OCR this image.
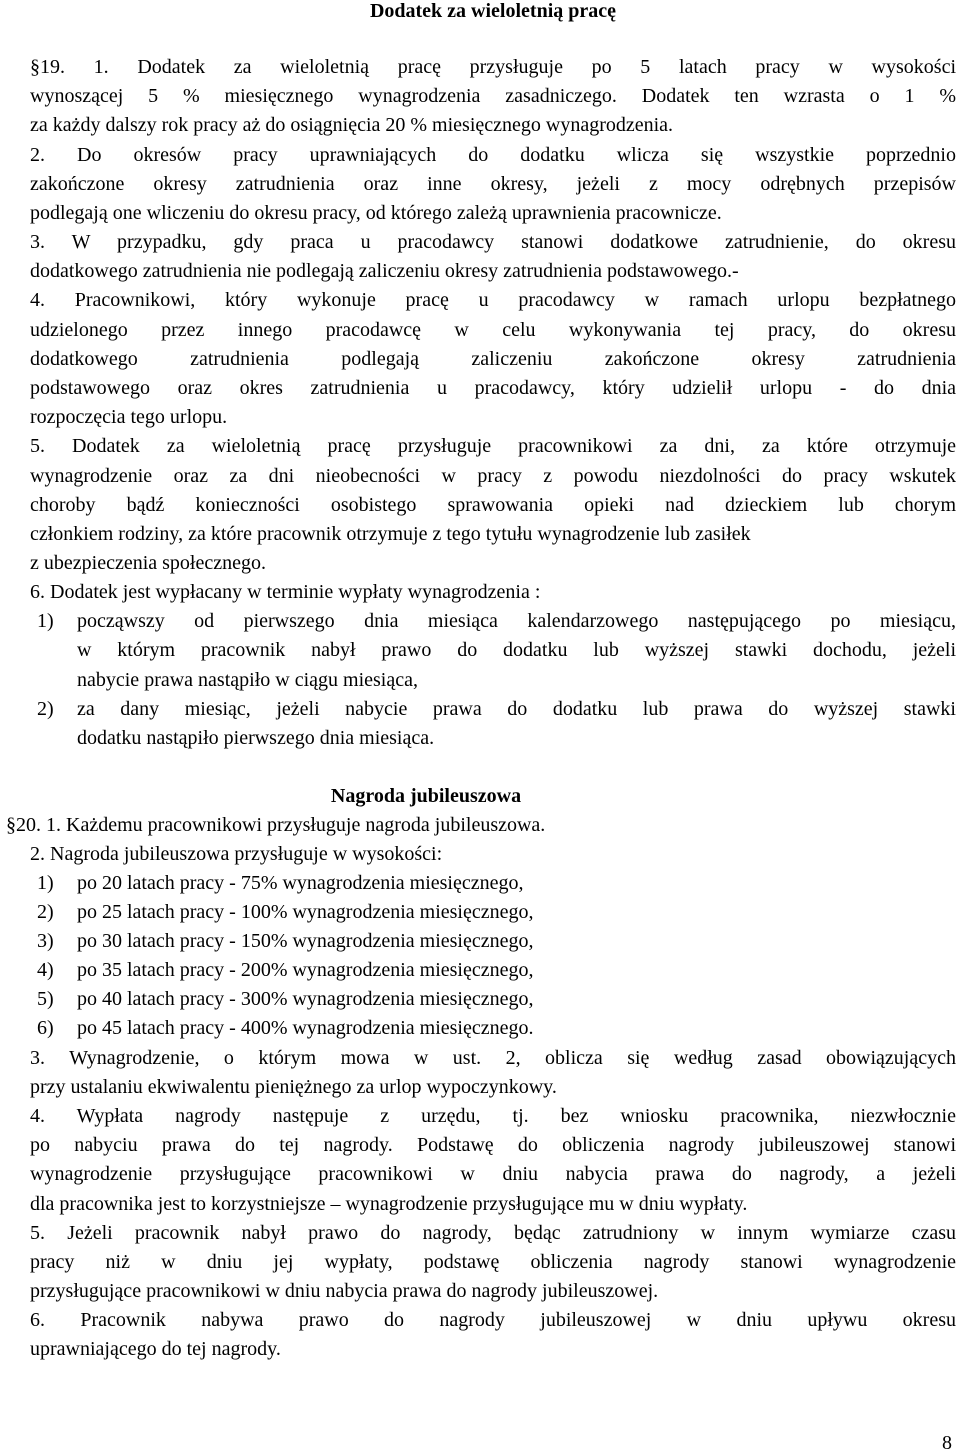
Dodatek za wieloletnią pracę
§19. 1. Dodatek za wieloletnią pracę przysługuje po 5 latach pracy w wysokości
wynoszącej 5 % miesięcznego wynagrodzenia zasadniczego. Dodatek ten wzrasta o 1 %
za każdy dalszy rok pracy aż do osiągnięcia 20 % miesięcznego wynagrodzenia.
2. Do okresów pracy uprawniających do dodatku wlicza się wszystkie poprzednio
zakończone okresy zatrudnienia oraz inne okresy, jeżeli z mocy odrębnych przepisów
podlegają one wliczeniu do okresu pracy, od którego zależą uprawnienia pracownicze.
3. W przypadku, gdy praca u pracodawcy stanowi dodatkowe zatrudnienie, do okresu
dodatkowego zatrudnienia nie podlegają zaliczeniu okresy zatrudnienia podstawowego.-
4. Pracownikowi, który wykonuje pracę u pracodawcy w ramach urlopu bezpłatnego
udzielonego przez innego pracodawcę w celu wykonywania tej pracy, do okresu
dodatkowego zatrudnienia podlegają zaliczeniu zakończone okresy zatrudnienia
podstawowego oraz okres zatrudnienia u pracodawcy, który udzielił urlopu - do dnia
rozpoczęcia tego urlopu.
5. Dodatek za wieloletnią pracę przysługuje pracownikowi za dni, za które otrzymuje
wynagrodzenie oraz za dni nieobecności w pracy z powodu niezdolności do pracy wskutek
choroby bądź konieczności osobistego sprawowania opieki nad dzieckiem lub chorym
członkiem rodziny, za które pracownik otrzymuje z tego tytułu wynagrodzenie lub zasiłek
z ubezpieczenia społecznego.
6. Dodatek jest wypłacany w terminie wypłaty wynagrodzenia :
1)	począwszy od pierwszego dnia miesiąca kalendarzowego następującego po miesiącu,
w którym pracownik nabył prawo do dodatku lub wyższej stawki dochodu, jeżeli
nabycie prawa nastąpiło w ciągu miesiąca,
2)	za dany miesiąc, jeżeli nabycie prawa do dodatku lub prawa do wyższej stawki
dodatku nastąpiło pierwszego dnia miesiąca.
Nagroda jubileuszowa
§20. 1. Każdemu pracownikowi przysługuje nagroda jubileuszowa.
2. Nagroda jubileuszowa przysługuje w wysokości:
1)	po 20 latach pracy - 75% wynagrodzenia miesięcznego,
2)	po 25 latach pracy - 100% wynagrodzenia miesięcznego,
3)	po 30 latach pracy - 150% wynagrodzenia miesięcznego,
4)	po 35 latach pracy - 200% wynagrodzenia miesięcznego,
5)	po 40 latach pracy - 300% wynagrodzenia miesięcznego,
6)	po 45 latach pracy - 400% wynagrodzenia miesięcznego.
3. Wynagrodzenie, o którym mowa w ust. 2, oblicza się według zasad obowiązujących
przy ustalaniu ekwiwalentu pieniężnego za urlop wypoczynkowy.
4. Wypłata nagrody następuje z urzędu, tj. bez wniosku pracownika, niezwłocznie
po nabyciu prawa do tej nagrody. Podstawę do obliczenia nagrody jubileuszowej stanowi
wynagrodzenie przysługujące pracownikowi w dniu nabycia prawa do nagrody, a jeżeli
dla pracownika jest to korzystniejsze – wynagrodzenie przysługujące mu w dniu wypłaty.
5. Jeżeli pracownik nabył prawo do nagrody, będąc zatrudniony w innym wymiarze czasu
pracy niż w dniu jej wypłaty, podstawę obliczenia nagrody stanowi wynagrodzenie
przysługujące pracownikowi w dniu nabycia prawa do nagrody jubileuszowej.
6. Pracownik nabywa prawo do nagrody jubileuszowej w dniu upływu okresu
uprawniającego do tej nagrody.
8
